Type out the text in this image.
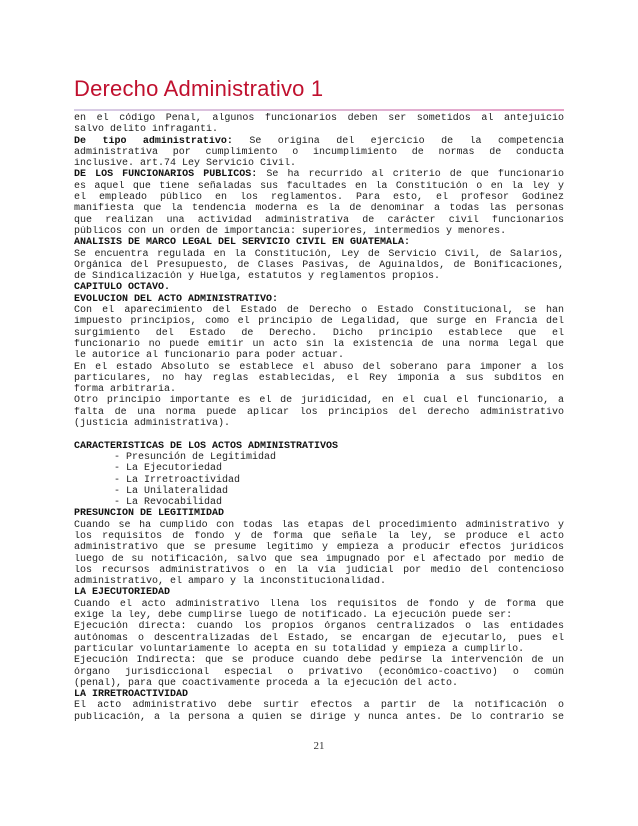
Derecho Administrativo 1
en el código Penal, algunos funcionarios deben ser sometidos al antejuicio
salvo delito infraganti.
De tipo administrativo: Se origina del ejercicio de la competencia
administrativa por cumplimiento o incumplimiento de normas de conducta
inclusive. art.74 Ley Servicio Civil.
DE LOS FUNCIONARIOS PUBLICOS: Se ha recurrido al criterio de que funcionario
es aquel que tiene señaladas sus facultades en la Constitución o en la ley y
el empleado público en los reglamentos. Para esto, el profesor Godinez
manifiesta que la tendencia moderna es la de denominar a todas las personas
que realizan una actividad administrativa de carácter civil funcionarios
públicos con un orden de importancia: superiores, intermedios y menores.
ANALISIS DE MARCO LEGAL DEL SERVICIO CIVIL EN GUATEMALA:
Se encuentra regulada en la Constitución, Ley de Servicio Civil, de Salarios,
Orgánica del Presupuesto, de Clases Pasivas, de Aguinaldos, de Bonificaciones,
de Sindicalización y Huelga, estatutos y reglamentos propios.
CAPITULO OCTAVO.
EVOLUCION DEL ACTO ADMINISTRATIVO:
Con el aparecimiento del Estado de Derecho o Estado Constitucional, se han
impuesto principios, como el principio de Legalidad, que surge en Francia del
surgimiento del Estado de Derecho. Dicho principio establece que el
funcionario no puede emitir un acto sin la existencia de una norma legal que
le autorice al funcionario para poder actuar.
En el estado Absoluto se establece el abuso del soberano para imponer a los
particulares, no hay reglas establecidas, el Rey imponía a sus subditos en
forma arbitraria.
Otro principio importante es el de juridicidad, en el cual el funcionario, a
falta de una norma puede aplicar los principios del derecho administrativo
(justicia administrativa).
CARACTERISTICAS DE LOS ACTOS ADMINISTRATIVOS
- Presunción de Legitimidad
- La Ejecutoriedad
- La Irretroactividad
- La Unilateralidad
- La Revocabilidad
PRESUNCION DE LEGITIMIDAD
Cuando se ha cumplido con todas las etapas del procedimiento administrativo y
los requisitos de fondo y de forma que señale la ley, se produce el acto
administrativo que se presume legítimo y empieza a producir efectos jurídicos
luego de su notificación, salvo que sea impugnado por el afectado por medio de
los recursos administrativos o en la vía judicial por medio del contencioso
administrativo, el amparo y la inconstitucionalidad.
LA EJECUTORIEDAD
Cuando el acto administrativo llena los requisitos de fondo y de forma que
exige la ley, debe cumplirse luego de notificado. La ejecución puede ser:
Ejecución directa: cuando los propios órganos centralizados o las entidades
autónomas o descentralizadas del Estado, se encargan de ejecutarlo, pues el
particular voluntariamente lo acepta en su totalidad y empieza a cumplirlo.
Ejecución Indirecta: que se produce cuando debe pedirse la intervención de un
órgano jurisdiccional especial o privativo (económico-coactivo) o común
(penal), para que coactivamente proceda a la ejecución del acto.
LA IRRETROACTIVIDAD
El acto administrativo debe surtir efectos a partir de la notificación o
publicación, a la persona a quien se dirige y nunca antes. De lo contrario se
21
